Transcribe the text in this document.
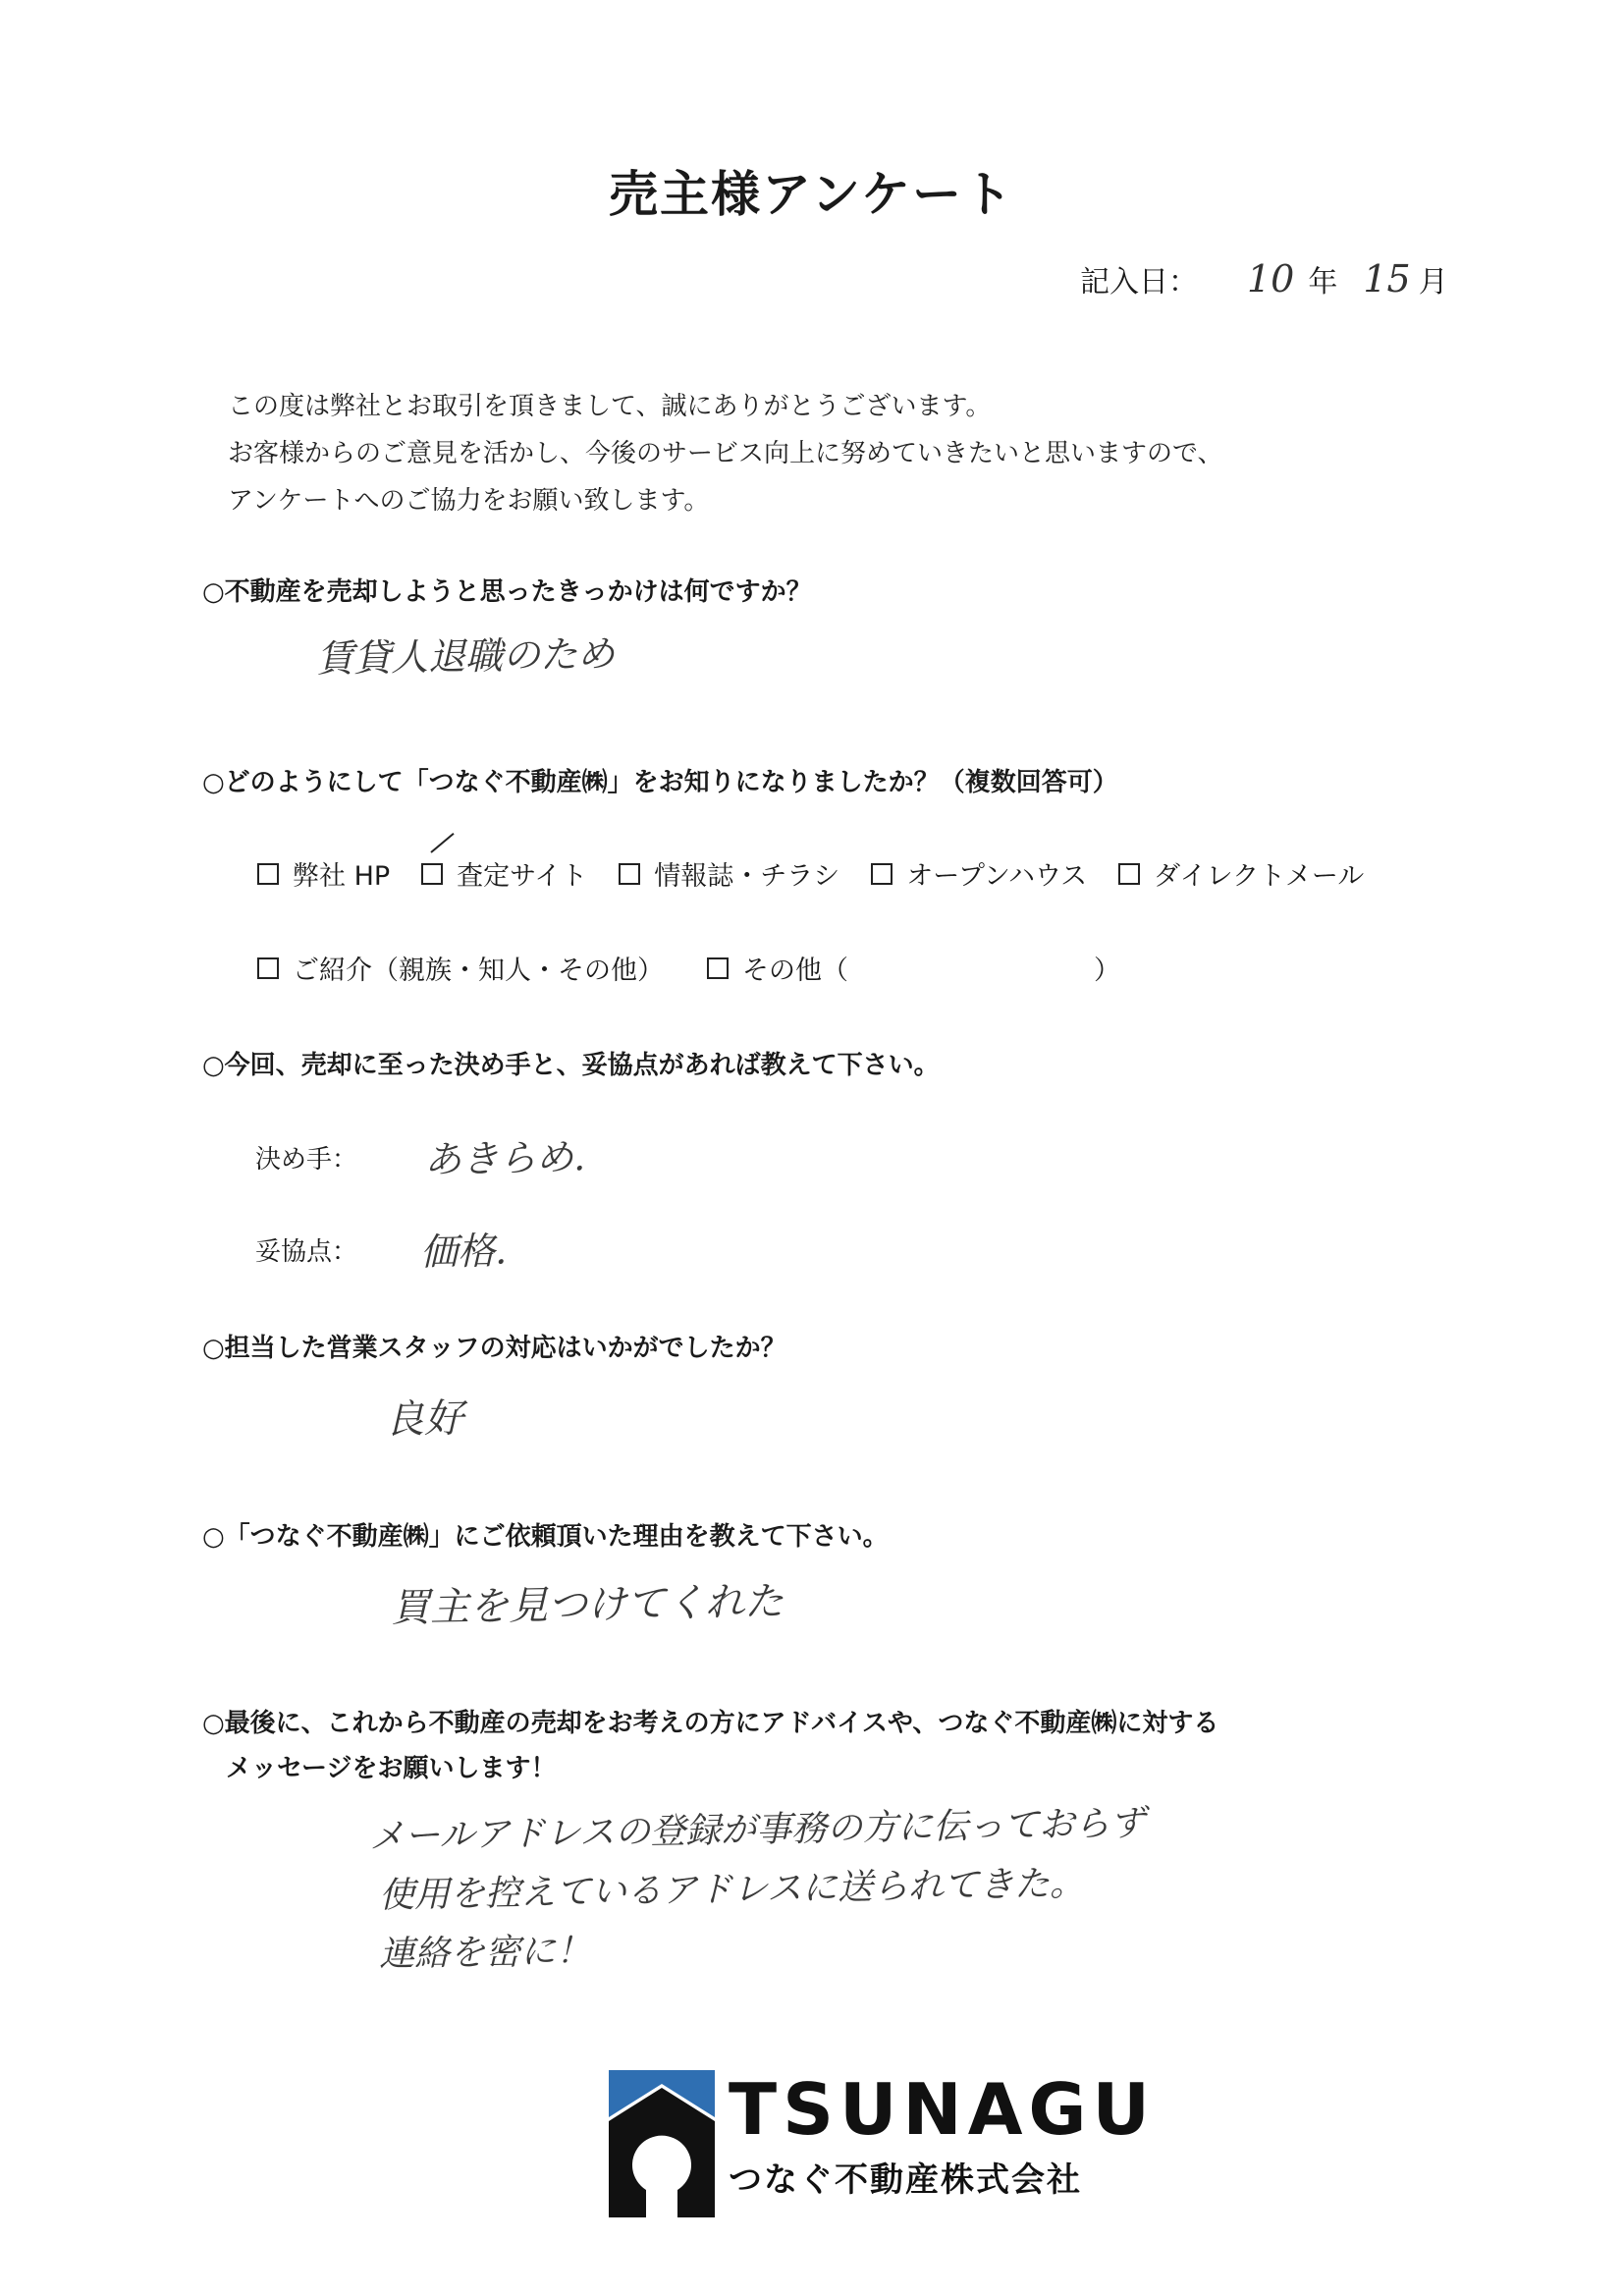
売主様アンケート
記入日： 10 年 15 月
この度は弊社とお取引を頂きまして、誠にありがとうございます。
お客様からのご意見を活かし、今後のサービス向上に努めていきたいと思いますので、
アンケートへのご協力をお願い致します。
○不動産を売却しようと思ったきっかけは何ですか？
賃貸人退職のため
○どのようにして「つなぐ不動産㈱」をお知りになりましたか？（複数回答可）
弊社 HP	査定サイト	情報誌・チラシ	オープンハウス	ダイレクトメール
ご紹介（親族・知人・その他）	その他（	）
○今回、売却に至った決め手と、妥協点があれば教えて下さい。
決め手： あきらめ.
妥協点： 価格.
○担当した営業スタッフの対応はいかがでしたか？
良好
○「つなぐ不動産㈱」にご依頼頂いた理由を教えて下さい。
買主を見つけてくれた
○最後に、これから不動産の売却をお考えの方にアドバイスや、つなぐ不動産㈱に対する
メッセージをお願いします！
メールアドレスの登録が事務の方に伝っておらず
使用を控えているアドレスに送られてきた。
連絡を密に！
TSUNAGU
つなぐ不動産株式会社
